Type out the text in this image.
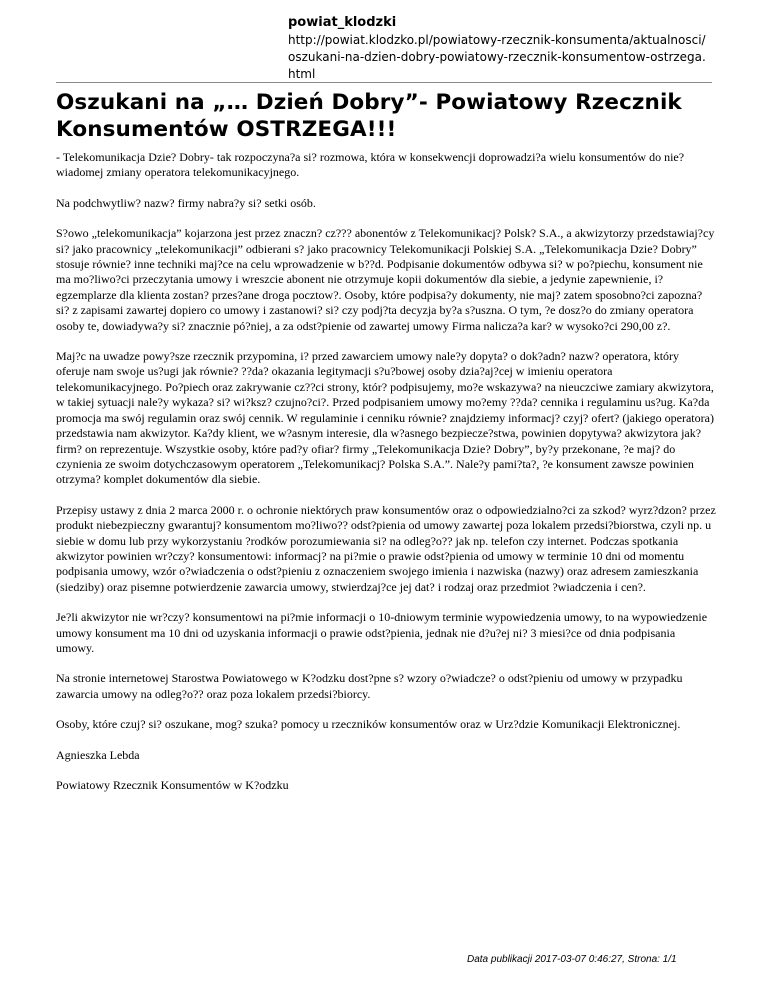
powiat_klodzki
http://powiat.klodzko.pl/powiatowy-rzecznik-konsumenta/aktualnosci/oszukani-na-dzien-dobry-powiatowy-rzecznik-konsumentow-ostrzega.html
Oszukani na „… Dzień Dobry”- Powiatowy Rzecznik Konsumentów OSTRZEGA!!!

- Telekomunikacja Dzie? Dobry- tak rozpoczyna?a si? rozmowa, która w konsekwencji doprowadzi?a wielu konsumentów do nie?wiadomej zmiany operatora telekomunikacyjnego.

Na podchwytliw? nazw? firmy nabra?y si? setki osób.

S?owo „telekomunikacja” kojarzona jest przez znaczn? cz??? abonentów z Telekomunikacj? Polsk? S.A., a akwizytorzy przedstawiaj?cy si? jako pracownicy „telekomunikacji” odbierani s? jako pracownicy Telekomunikacji Polskiej S.A. „Telekomunikacja Dzie? Dobry” stosuje równie? inne techniki maj?ce na celu wprowadzenie w b??d. Podpisanie dokumentów odbywa si? w po?piechu, konsument nie ma mo?liwo?ci przeczytania umowy i wreszcie abonent nie otrzymuje kopii dokumentów dla siebie, a jedynie zapewnienie, i? egzemplarze dla klienta zostan? przes?ane droga pocztow?. Osoby, które podpisa?y dokumenty, nie maj? zatem sposobno?ci zapozna? si? z zapisami zawartej dopiero co umowy i zastanowi? si? czy podj?ta decyzja by?a s?uszna. O tym, ?e dosz?o do zmiany operatora osoby te, dowiadywa?y si? znacznie pó?niej, a za odst?pienie od zawartej umowy Firma nalicza?a kar? w wysoko?ci 290,00 z?.

Maj?c na uwadze powy?sze rzecznik przypomina, i? przed zawarciem umowy nale?y dopyta? o dok?adn? nazw? operatora, który oferuje nam swoje us?ugi jak równie? ??da? okazania legitymacji s?u?bowej osoby dzia?aj?cej w imieniu operatora telekomunikacyjnego. Po?piech oraz zakrywanie cz??ci strony, któr? podpisujemy, mo?e wskazywa? na nieuczciwe zamiary akwizytora, w takiej sytuacji nale?y wykaza? si? wi?ksz? czujno?ci?. Przed podpisaniem umowy mo?emy ??da? cennika i regulaminu us?ug. Ka?da promocja ma swój regulamin oraz swój cennik. W regulaminie i cenniku równie? znajdziemy informacj? czyj? ofert? (jakiego operatora) przedstawia nam akwizytor. Ka?dy klient, we w?asnym interesie, dla w?asnego bezpiecze?stwa, powinien dopytywa? akwizytora jak? firm? on reprezentuje. Wszystkie osoby, które pad?y ofiar? firmy „Telekomunikacja Dzie? Dobry”, by?y przekonane, ?e maj? do czynienia ze swoim dotychczasowym operatorem „Telekomunikacj? Polska S.A.”. Nale?y pami?ta?, ?e konsument zawsze powinien otrzyma? komplet dokumentów dla siebie.

Przepisy ustawy z dnia 2 marca 2000 r. o ochronie niektórych praw konsumentów oraz o odpowiedzialno?ci za szkod? wyrz?dzon? przez produkt niebezpieczny gwarantuj? konsumentom mo?liwo?? odst?pienia od umowy zawartej poza lokalem przedsi?biorstwa, czyli np. u siebie w domu lub przy wykorzystaniu ?rodków porozumiewania si? na odleg?o?? jak np. telefon czy internet. Podczas spotkania akwizytor powinien wr?czy? konsumentowi: informacj? na pi?mie o prawie odst?pienia od umowy w terminie 10 dni od momentu podpisania umowy, wzór o?wiadczenia o odst?pieniu z oznaczeniem swojego imienia i nazwiska (nazwy) oraz adresem zamieszkania (siedziby) oraz pisemne potwierdzenie zawarcia umowy, stwierdzaj?ce jej dat? i rodzaj oraz przedmiot ?wiadczenia i cen?.

Je?li akwizytor nie wr?czy? konsumentowi na pi?mie informacji o 10-dniowym terminie wypowiedzenia umowy, to na wypowiedzenie umowy konsument ma 10 dni od uzyskania informacji o prawie odst?pienia, jednak nie d?u?ej ni? 3 miesi?ce od dnia podpisania umowy.

Na stronie internetowej Starostwa Powiatowego w K?odzku dost?pne s? wzory o?wiadcze? o odst?pieniu od umowy w przypadku zawarcia umowy na odleg?o?? oraz poza lokalem przedsi?biorcy.

Osoby, które czuj? si? oszukane, mog? szuka? pomocy u rzeczników konsumentów oraz w Urz?dzie Komunikacji Elektronicznej.

Agnieszka Lebda

Powiatowy Rzecznik Konsumentów w K?odzku

Data publikacji 2017-03-07 0:46:27, Strona: 1/1
